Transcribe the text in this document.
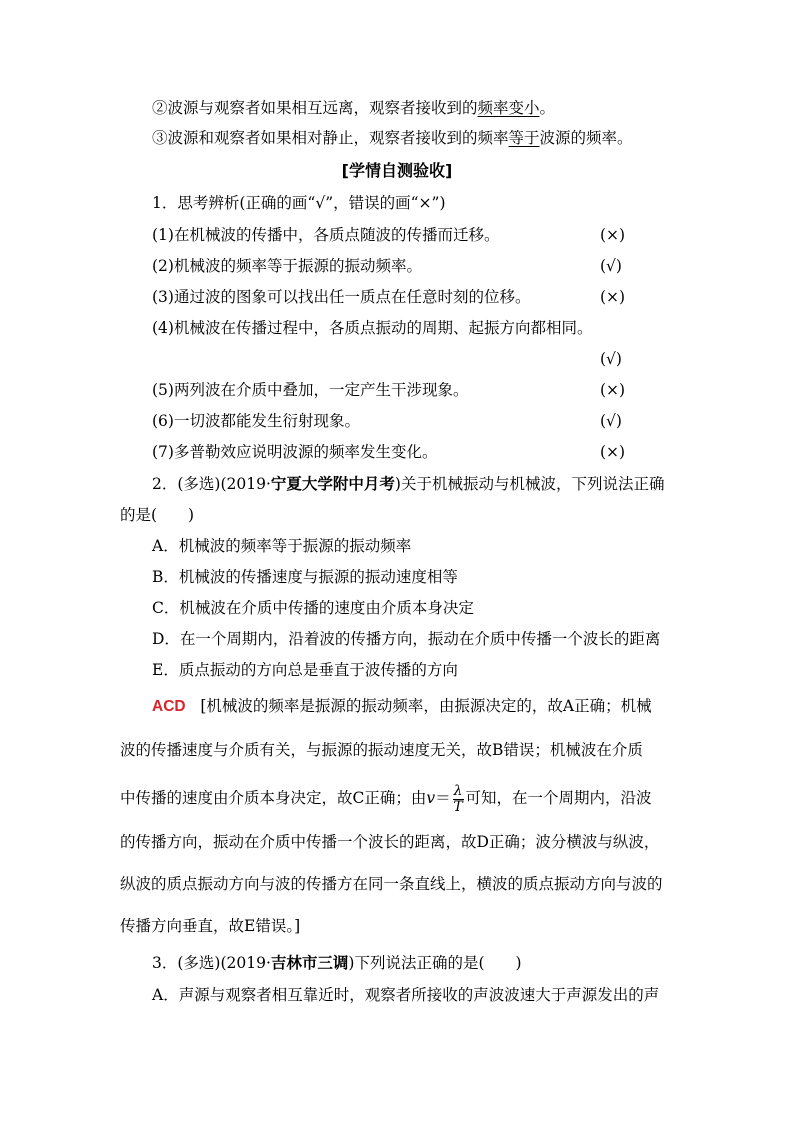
②波源与观察者如果相互远离，观察者接收到的频率变小。
③波源和观察者如果相对静止，观察者接收到的频率等于波源的频率。
[学情自测验收]
1．思考辨析(正确的画“√”，错误的画“×”)
(1)在机械波的传播中，各质点随波的传播而迁移。	(×)
(2)机械波的频率等于振源的振动频率。	(√)
(3)通过波的图象可以找出任一质点在任意时刻的位移。	(×)
(4)机械波在传播过程中，各质点振动的周期、起振方向都相同。
(√)
(5)两列波在介质中叠加，一定产生干涉现象。	(×)
(6)一切波都能发生衍射现象。	(√)
(7)多普勒效应说明波源的频率发生变化。	(×)
2．(多选)(2019·宁夏大学附中月考)关于机械振动与机械波，下列说法正确
的是(　　)
A．机械波的频率等于振源的振动频率
B．机械波的传播速度与振源的振动速度相等
C．机械波在介质中传播的速度由介质本身决定
D．在一个周期内，沿着波的传播方向，振动在介质中传播一个波长的距离
E．质点振动的方向总是垂直于波传播的方向
ACD [机械波的频率是振源的振动频率，由振源决定的，故A正确；机械
波的传播速度与介质有关，与振源的振动速度无关，故B错误；机械波在介质
中传播的速度由介质本身决定，故C正确；由$v= \frac{\lambda}{T}$ 可知，在一个周期内，沿波
的传播方向，振动在介质中传播一个波长的距离，故D正确；波分横波与纵波，
纵波的质点振动方向与波的传播方在同一条直线上，横波的质点振动方向与波的
传播方向垂直，故E错误。]
3．(多选)(2019·吉林市三调)下列说法正确的是(　　)
A．声源与观察者相互靠近时，观察者所接收的声波波速大于声源发出的声
